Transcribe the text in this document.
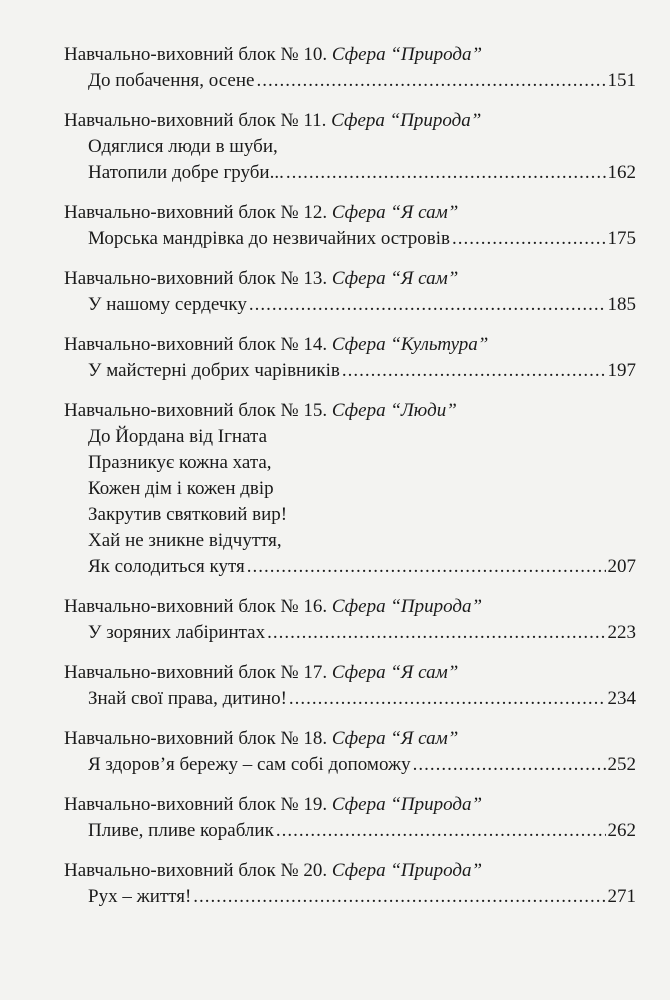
Навчально-виховний блок № 10. Сфера “Природа”
До побачення, осене .....	151
Навчально-виховний блок № 11. Сфера “Природа”
Одяглися люди в шуби,
Натопили добре груби... .....	162
Навчально-виховний блок № 12. Сфера “Я сам”
Морська мандрівка до незвичайних островів .....	175
Навчально-виховний блок № 13. Сфера “Я сам”
У нашому сердечку .....	185
Навчально-виховний блок № 14. Сфера “Культура”
У майстерні добрих чарівників .....	197
Навчально-виховний блок № 15. Сфера “Люди”
До Йордана від Ігната
Празникує кожна хата,
Кожен дім і кожен двір
Закрутив святковий вир!
Хай не зникне відчуття,
Як солодиться кутя .....	207
Навчально-виховний блок № 16. Сфера “Природа”
У зоряних лабіринтах .....	223
Навчально-виховний блок № 17. Сфера “Я сам”
Знай свої права, дитино! .....	234
Навчально-виховний блок № 18. Сфера “Я сам”
Я здоров’я бережу – сам собі допоможу .....	252
Навчально-виховний блок № 19. Сфера “Природа”
Пливе, пливе кораблик .....	262
Навчально-виховний блок № 20. Сфера “Природа”
Рух – життя! .....	271
